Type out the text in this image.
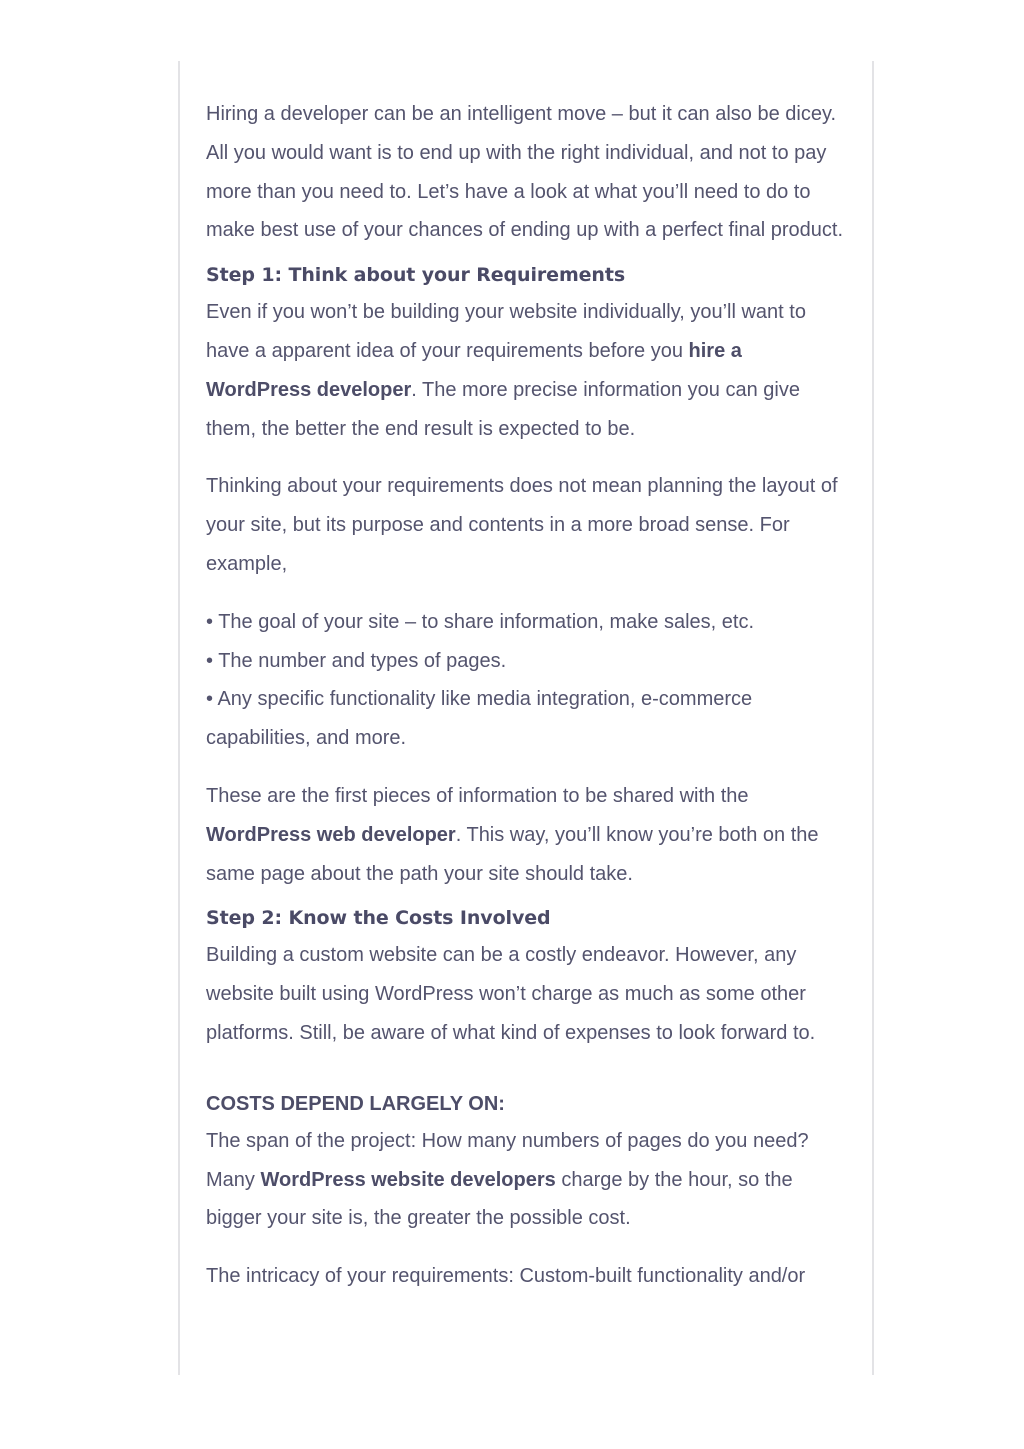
Hiring a developer can be an intelligent move – but it can also be dicey. All you would want is to end up with the right individual, and not to pay more than you need to. Let’s have a look at what you’ll need to do to make best use of your chances of ending up with a perfect final product.

Step 1: Think about your Requirements

Even if you won’t be building your website individually, you’ll want to have a apparent idea of your requirements before you hire a WordPress developer. The more precise information you can give them, the better the end result is expected to be.

Thinking about your requirements does not mean planning the layout of your site, but its purpose and contents in a more broad sense. For example,

• The goal of your site – to share information, make sales, etc.

• The number and types of pages.

• Any specific functionality like media integration, e-commerce capabilities, and more.

These are the first pieces of information to be shared with the WordPress web developer. This way, you’ll know you’re both on the same page about the path your site should take.

Step 2: Know the Costs Involved

Building a custom website can be a costly endeavor. However, any website built using WordPress won’t charge as much as some other platforms. Still, be aware of what kind of expenses to look forward to.

COSTS DEPEND LARGELY ON:

The span of the project: How many numbers of pages do you need? Many WordPress website developers charge by the hour, so the bigger your site is, the greater the possible cost.

The intricacy of your requirements: Custom-built functionality and/or
